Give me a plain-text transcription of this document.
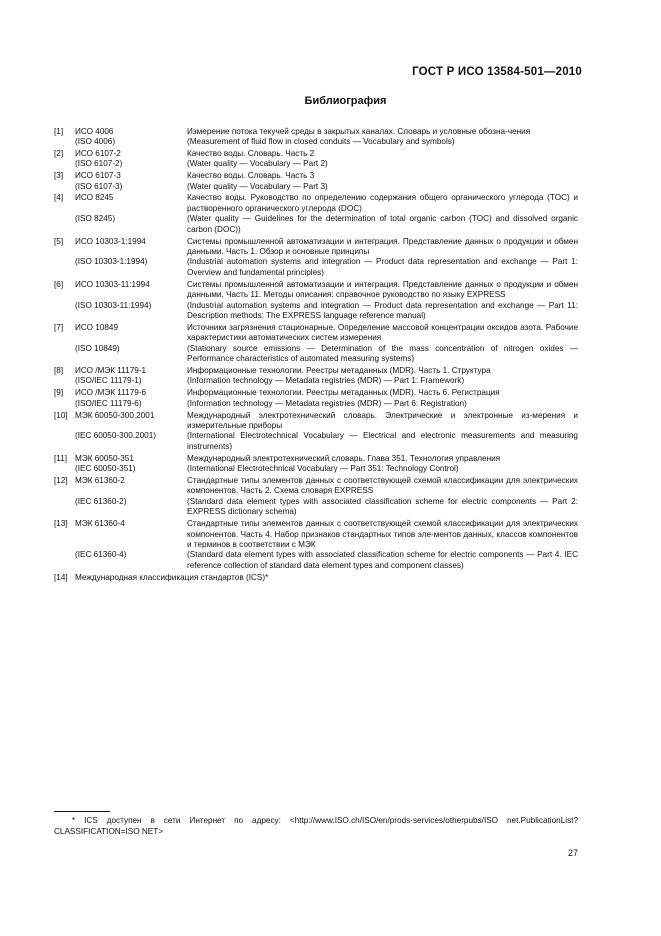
ГОСТ Р ИСО 13584-501—2010
Библиография
[1]	ИСО 4006	Измерение потока текучей среды в закрытых каналах. Словарь и условные обозна-чения
(ISO 4006)	(Measurement of fluid flow in closed conduits — Vocabulary and symbols)
[2]	ИСО 6107-2	Качество воды. Словарь. Часть 2
(ISO 6107-2)	(Water quality — Vocabulary — Part 2)
[3]	ИСО 6107-3	Качество воды. Словарь. Часть 3
(ISO 6107-3)	(Water quality — Vocabulary — Part 3)
[4]	ИСО 8245	Качество воды. Руководство по определению содержания общего органического углерода (TOC) и растворенного органического углерода (DOC)
(ISO 8245)	(Water quality — Guidelines for the determination of total organic carbon (TOC) and dissolved organic carbon (DOC))
[5]	ИСО 10303-1:1994	Системы промышленной автоматизации и интеграция. Представление данных о продукции и обмен данными. Часть 1. Обзор и основные принципы
(ISO 10303-1:1994)	(Industrial automation systems and integration — Product data representation and exchange — Part 1: Overview and fundamental principles)
[6]	ИСО 10303-11:1994	Системы промышленной автоматизации и интеграция. Представление данных о продукции и обмен данными. Часть 11. Методы описания: справочное руководство по языку EXPRESS
(ISO 10303-11:1994)	(Industrial automation systems and integration — Product data representation and exchange — Part 11: Description methods: The EXPRESS language reference manual)
[7]	ИСО 10849	Источники загрязнения стационарные. Определение массовой концентрации оксидов азота. Рабочие характеристики автоматических систем измерения
(ISO 10849)	(Stationary source emissions — Determination of the mass concentration of nitrogen oxides — Performance characteristics of automated measuring systems)
[8]	ИСО /МЭК 11179-1	Информационные технологии. Реестры метаданных (MDR). Часть 1. Структура
(ISO/IEC 11179-1)	(Information technology — Metadata registries (MDR) — Part 1: Framework)
[9]	ИСО /МЭК 11179-6	Информационные технологии. Реестры метаданных (MDR). Часть 6. Регистрация
(ISO/IEC 11179-6)	(Information technology — Metadata registries (MDR) — Part 6: Registration)
[10] МЭК 60050-300.2001	Международный электротехнический словарь. Электрические и электронные из-мерения и измерительные приборы
(IEC 60050-300.2001)	(International Electrotechnical Vocabulary — Electrical and electronic measurements and measuring instruments)
[11] МЭК 60050-351	Международный электротехнический словарь. Глава 351. Технология управления
(IEC 60050-351)	(International Electrotechnical Vocabulary — Part 351: Technology Control)
[12] МЭК 61360-2	Стандартные типы элементов данных с соответствующей схемой классификации для электрических компонентов. Часть 2. Схема словаря EXPRESS
(IEC 61360-2)	(Standard data element types with associated classification scheme for electric components — Part 2: EXPRESS dictionary schema)
[13] МЭК 61360-4	Стандартные типы элементов данных с соответствующей схемой классификации для электрических компонентов. Часть 4. Набор признаков стандартных типов эле-ментов данных, классов компонентов и терминов в соответствии с МЭК
(IEC 61360-4)	(Standard data element types with associated classification scheme for electric components — Part 4. IEC reference collection of standard data element types and component classes)
[14] Международная классификация стандартов (ICS)*
* ICS доступен в сети Интернет по адресу: <http://www.ISO.ch/ISO/en/prods-services/otherpubs/ISO net.PublicationList?CLASSIFICATION=ISO NET>
27
